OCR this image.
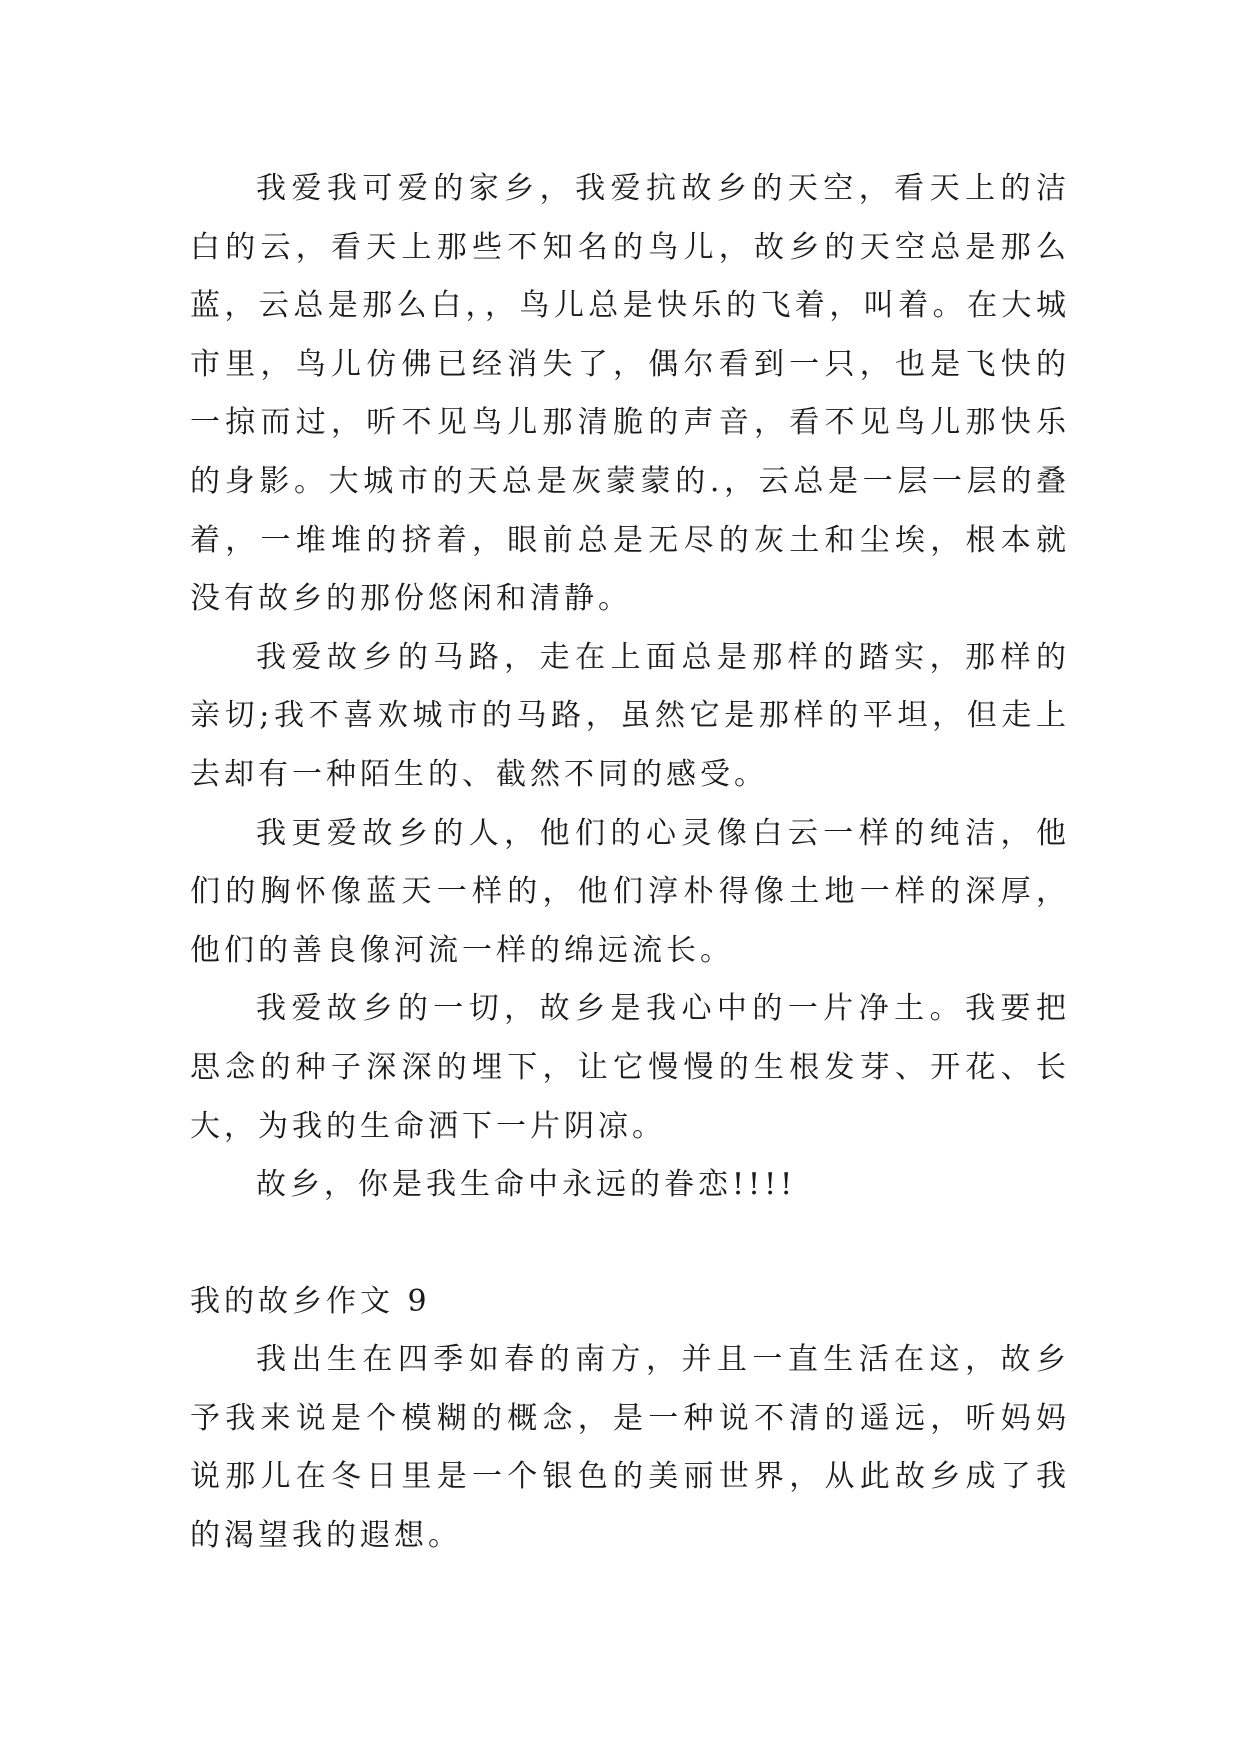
我爱我可爱的家乡，我爱抗故乡的天空，看天上的洁白的云，看天上那些不知名的鸟儿，故乡的天空总是那么蓝，云总是那么白，，鸟儿总是快乐的飞着，叫着。在大城市里，鸟儿仿佛已经消失了，偶尔看到一只，也是飞快的一掠而过，听不见鸟儿那清脆的声音，看不见鸟儿那快乐的身影。大城市的天总是灰蒙蒙的.，云总是一层一层的叠着，一堆堆的挤着，眼前总是无尽的灰土和尘埃，根本就没有故乡的那份悠闲和清静。

我爱故乡的马路，走在上面总是那样的踏实，那样的亲切;我不喜欢城市的马路，虽然它是那样的平坦，但走上去却有一种陌生的、截然不同的感受。

我更爱故乡的人，他们的心灵像白云一样的纯洁，他们的胸怀像蓝天一样的，他们淳朴得像土地一样的深厚，他们的善良像河流一样的绵远流长。

我爱故乡的一切，故乡是我心中的一片净土。我要把思念的种子深深的埋下，让它慢慢的生根发芽、开花、长大，为我的生命洒下一片阴凉。

故乡，你是我生命中永远的眷恋!!!!

我的故乡作文 9

我出生在四季如春的南方，并且一直生活在这，故乡予我来说是个模糊的概念，是一种说不清的遥远，听妈妈说那儿在冬日里是一个银色的美丽世界，从此故乡成了我的渴望我的遐想。
